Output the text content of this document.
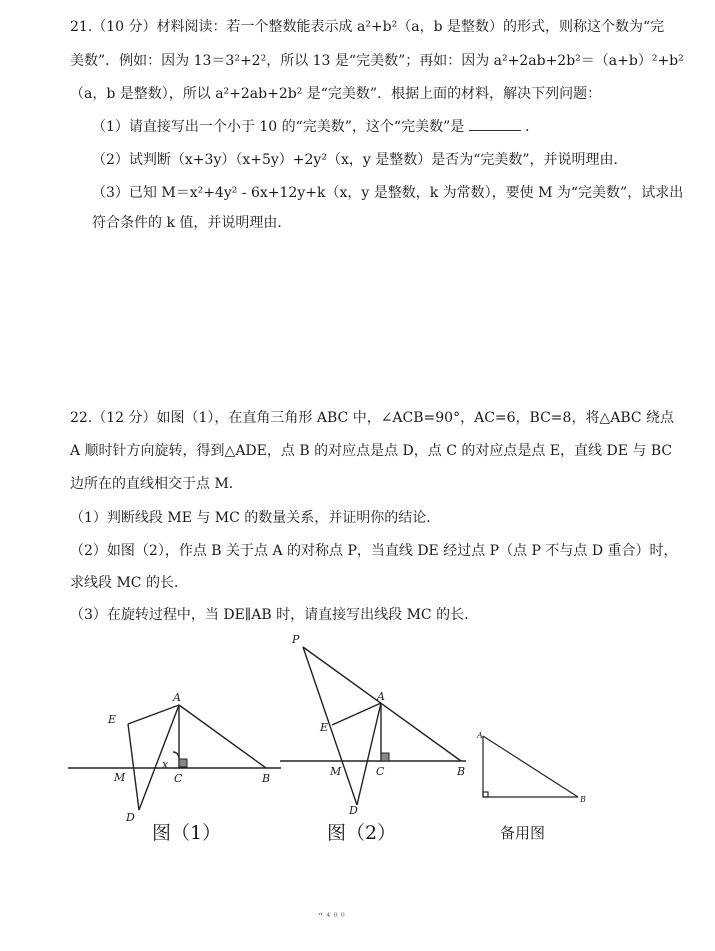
21.（10 分）材料阅读：若一个整数能表示成 a²+b²（a，b 是整数）的形式，则称这个数为“完
美数”．例如：因为 13＝3²+2²，所以 13 是“完美数”；再如：因为 a²+2ab+2b²＝（a+b）²+b²
（a，b 是整数），所以 a²+2ab+2b² 是“完美数”．根据上面的材料，解决下列问题：
（1）请直接写出一个小于 10 的“完美数”，这个“完美数”是	．
（2）试判断（x+3y）（x+5y）+2y²（x，y 是整数）是否为“完美数”，并说明理由．
（3）已知 M＝x²+4y² - 6x+12y+k（x，y 是整数，k 为常数），要使 M 为“完美数”，试求出
符合条件的 k 值，并说明理由．
22.（12 分）如图（1），在直角三角形 ABC 中，∠ACB=90°，AC=6，BC=8，将△ABC 绕点
A 顺时针方向旋转，得到△ADE，点 B 的对应点是点 D，点 C 的对应点是点 E，直线 DE 与 BC
边所在的直线相交于点 M．
（1）判断线段 ME 与 MC 的数量关系，并证明你的结论．
（2）如图（2），作点 B 关于点 A 的对称点 P，当直线 DE 经过点 P（点 P 不与点 D 重合）时，
求线段 MC 的长．
（3）在旋转过程中，当 DE∥AB 时，请直接写出线段 MC 的长．
A
E
M
x
C	B
D
图（1）
P
A
E
M	C	B
D
图（2）
A
B
备用图
“ ⁴ ⁰ ⁰
